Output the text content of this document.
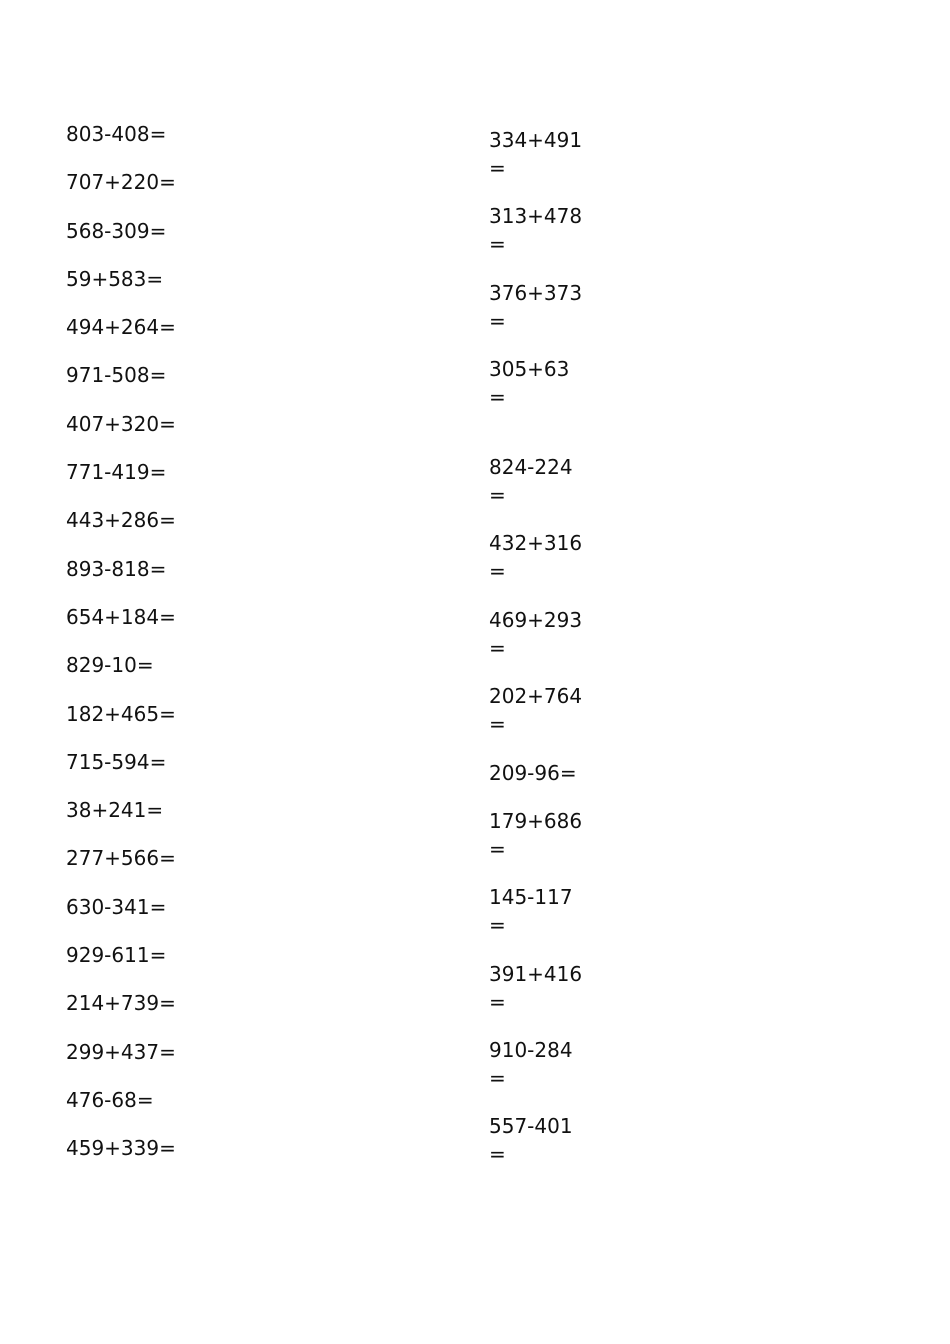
803-408=
707+220=
568-309=
59+583=
494+264=
971-508=
407+320=
771-419=
443+286=
893-818=
654+184=
829-10=
182+465=
715-594=
38+241=
277+566=
630-341=
929-611=
214+739=
299+437=
476-68=
459+339=
334+491=
313+478=
376+373=
305+63=
824-224=
432+316=
469+293=
202+764=
209-96=
179+686=
145-117=
391+416=
910-284=
557-401=
